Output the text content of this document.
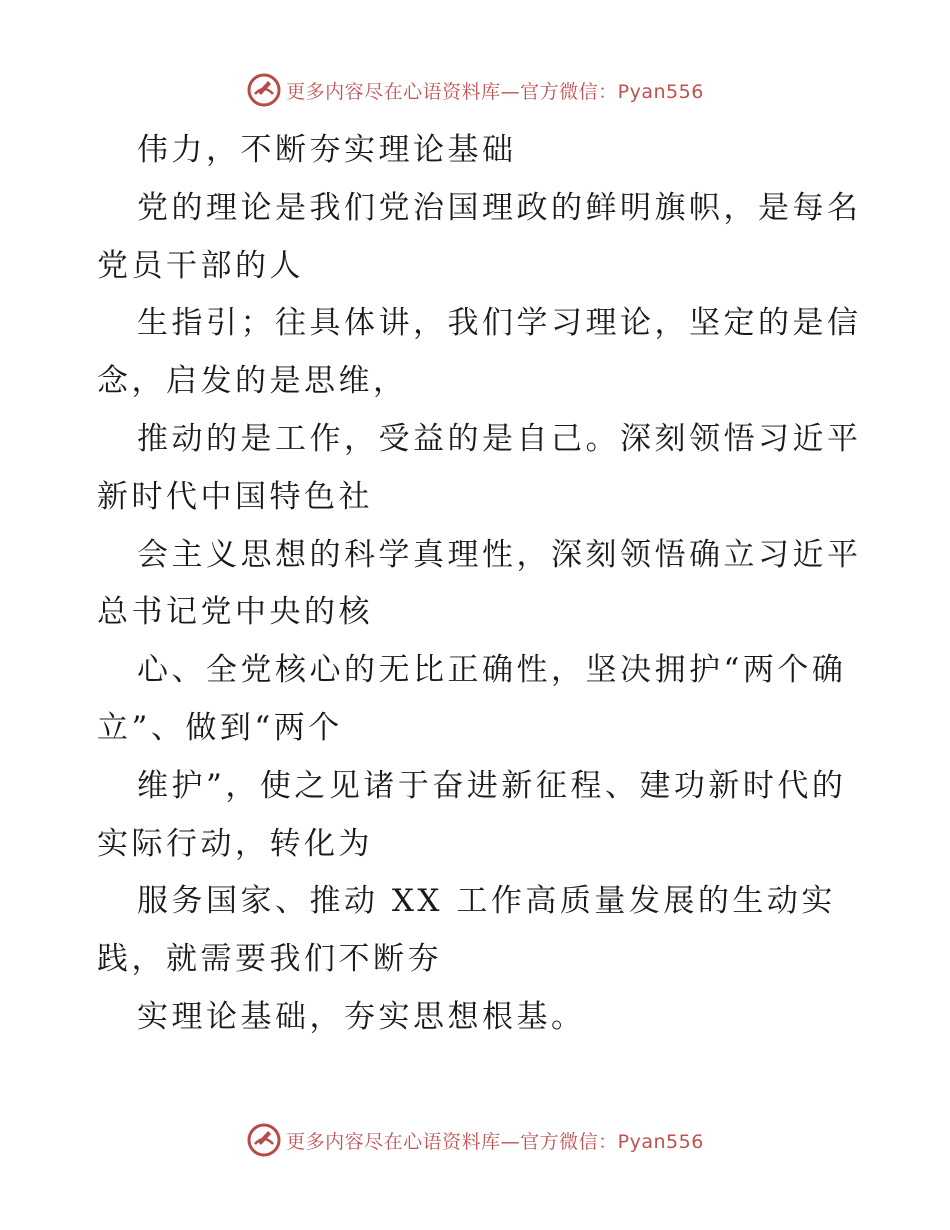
更多内容尽在心语资料库—官方微信：Pyan556
伟力，不断夯实理论基础
党的理论是我们党治国理政的鲜明旗帜，是每名
党员干部的人
生指引；往具体讲，我们学习理论，坚定的是信
念，启发的是思维，
推动的是工作，受益的是自己。深刻领悟习近平
新时代中国特色社
会主义思想的科学真理性，深刻领悟确立习近平
总书记党中央的核
心、全党核心的无比正确性，坚决拥护“两个确
立”、做到“两个
维护”，使之见诸于奋进新征程、建功新时代的
实际行动，转化为
服务国家、推动 XX 工作高质量发展的生动实
践，就需要我们不断夯
实理论基础，夯实思想根基。
更多内容尽在心语资料库—官方微信：Pyan556
